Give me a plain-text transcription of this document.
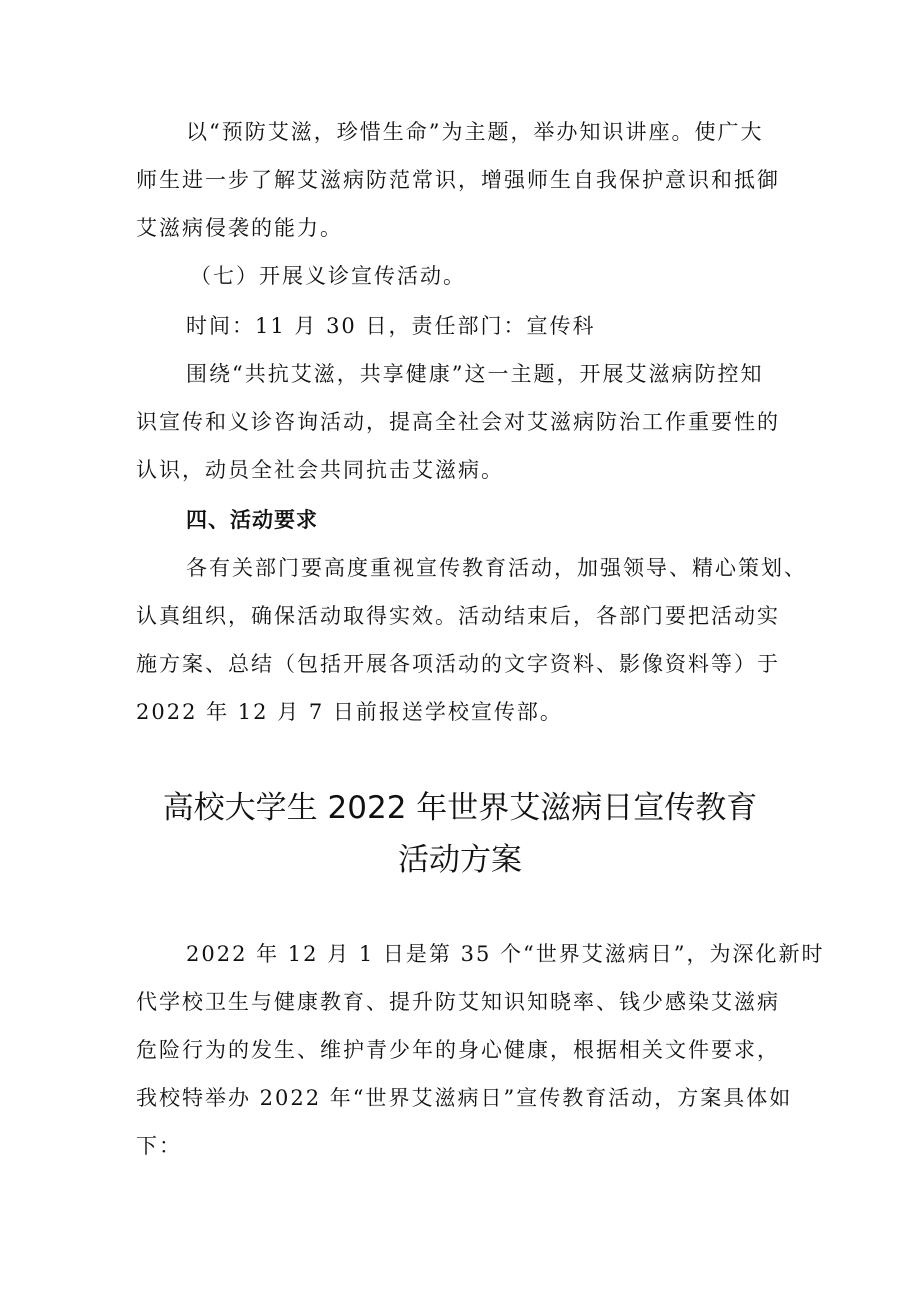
以“预防艾滋，珍惜生命”为主题，举办知识讲座。使广大
师生进一步了解艾滋病防范常识，增强师生自我保护意识和抵御
艾滋病侵袭的能力。
（七）开展义诊宣传活动。
时间：11 月 30 日，责任部门：宣传科
围绕“共抗艾滋，共享健康”这一主题，开展艾滋病防控知
识宣传和义诊咨询活动，提高全社会对艾滋病防治工作重要性的
认识，动员全社会共同抗击艾滋病。
四、活动要求
各有关部门要高度重视宣传教育活动，加强领导、精心策划、
认真组织，确保活动取得实效。活动结束后，各部门要把活动实
施方案、总结（包括开展各项活动的文字资料、影像资料等）于
2022 年 12 月 7 日前报送学校宣传部。
高校大学生 2022 年世界艾滋病日宣传教育
活动方案
2022 年 12 月 1 日是第 35 个“世界艾滋病日”，为深化新时
代学校卫生与健康教育、提升防艾知识知晓率、钱少感染艾滋病
危险行为的发生、维护青少年的身心健康，根据相关文件要求，
我校特举办 2022 年“世界艾滋病日”宣传教育活动，方案具体如
下：
